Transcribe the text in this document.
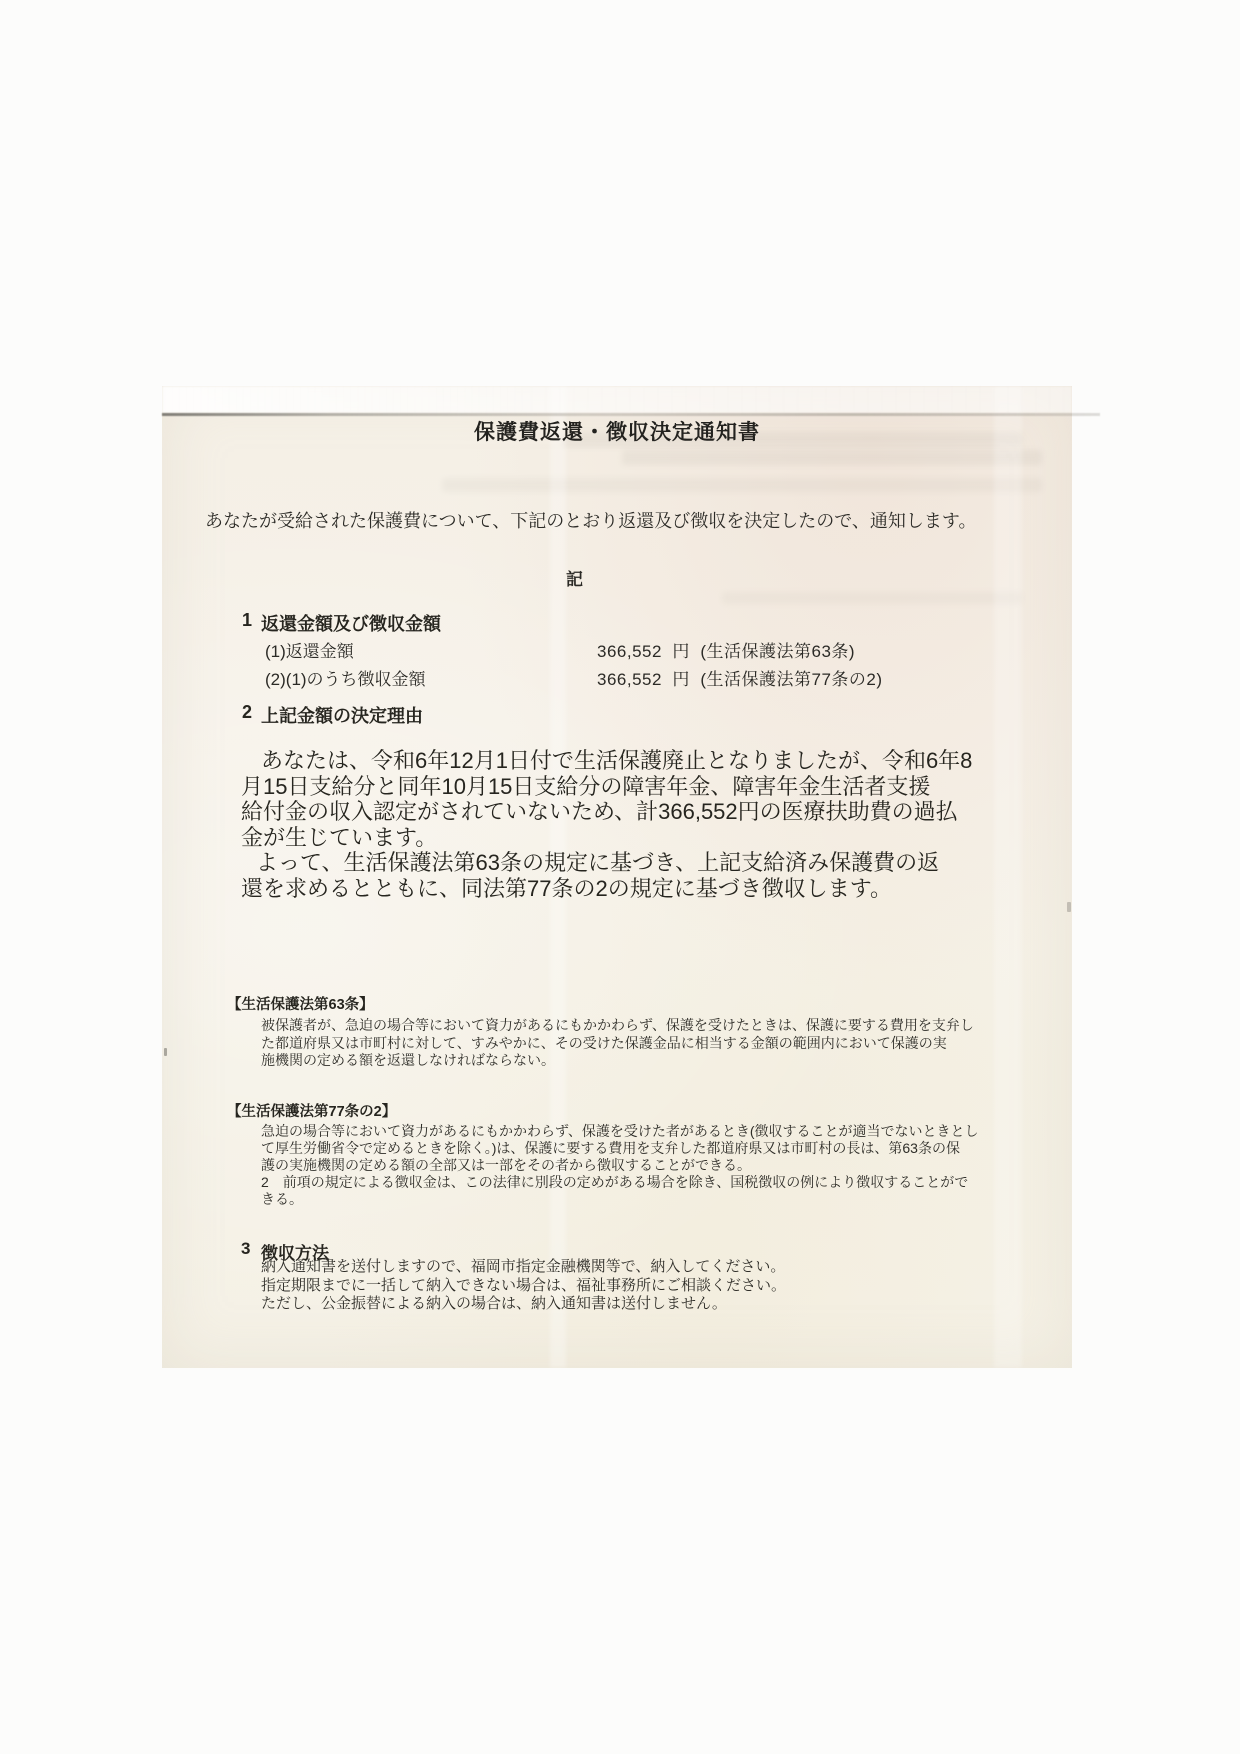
保護費返還・徴収決定通知書
あなたが受給された保護費について、下記のとおり返還及び徴収を決定したので、通知します。
記
1 返還金額及び徴収金額
(1)返還金額	366,552 円 (生活保護法第63条)
(2)(1)のうち徴収金額	366,552 円 (生活保護法第77条の2)
2 上記金額の決定理由
あなたは、令和6年12月1日付で生活保護廃止となりましたが、令和6年8
月15日支給分と同年10月15日支給分の障害年金、障害年金生活者支援
給付金の収入認定がされていないため、計366,552円の医療扶助費の過払
金が生じています。
よって、生活保護法第63条の規定に基づき、上記支給済み保護費の返
還を求めるとともに、同法第77条の2の規定に基づき徴収します。
【生活保護法第63条】
被保護者が、急迫の場合等において資力があるにもかかわらず、保護を受けたときは、保護に要する費用を支弁し
た都道府県又は市町村に対して、すみやかに、その受けた保護金品に相当する金額の範囲内において保護の実
施機関の定める額を返還しなければならない。
【生活保護法第77条の2】
急迫の場合等において資力があるにもかかわらず、保護を受けた者があるとき(徴収することが適当でないときとし
て厚生労働省令で定めるときを除く。)は、保護に要する費用を支弁した都道府県又は市町村の長は、第63条の保
護の実施機関の定める額の全部又は一部をその者から徴収することができる。
2　前項の規定による徴収金は、この法律に別段の定めがある場合を除き、国税徴収の例により徴収することがで
きる。
3 徴収方法
納入通知書を送付しますので、福岡市指定金融機関等で、納入してください。
指定期限までに一括して納入できない場合は、福祉事務所にご相談ください。
ただし、公金振替による納入の場合は、納入通知書は送付しません。
